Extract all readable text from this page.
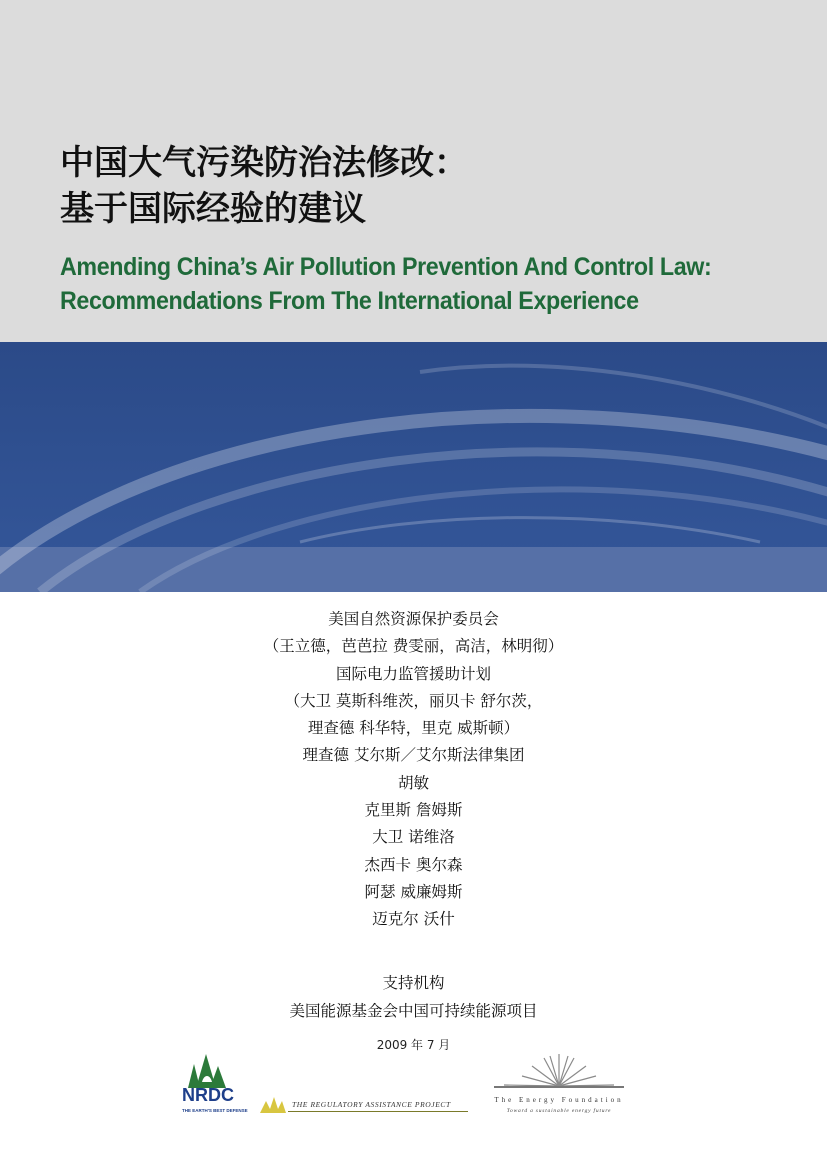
中国大气污染防治法修改：
基于国际经验的建议
Amending China’s Air Pollution Prevention And Control Law:
Recommendations From The International Experience
美国自然资源保护委员会
（王立德，芭芭拉 费雯丽，高洁，林明彻）
国际电力监管援助计划
（大卫 莫斯科维茨，丽贝卡 舒尔茨，
理查德 科华特，里克 威斯顿）
理查德 艾尔斯／艾尔斯法律集团
胡敏
克里斯 詹姆斯
大卫 诺维洛
杰西卡 奥尔森
阿瑟 威廉姆斯
迈克尔 沃什
支持机构
美国能源基金会中国可持续能源项目
2009 年 7 月
NRDC
THE EARTH'S BEST DEFENSE
THE REGULATORY ASSISTANCE PROJECT	The Energy Foundation
Toward a sustainable energy future
